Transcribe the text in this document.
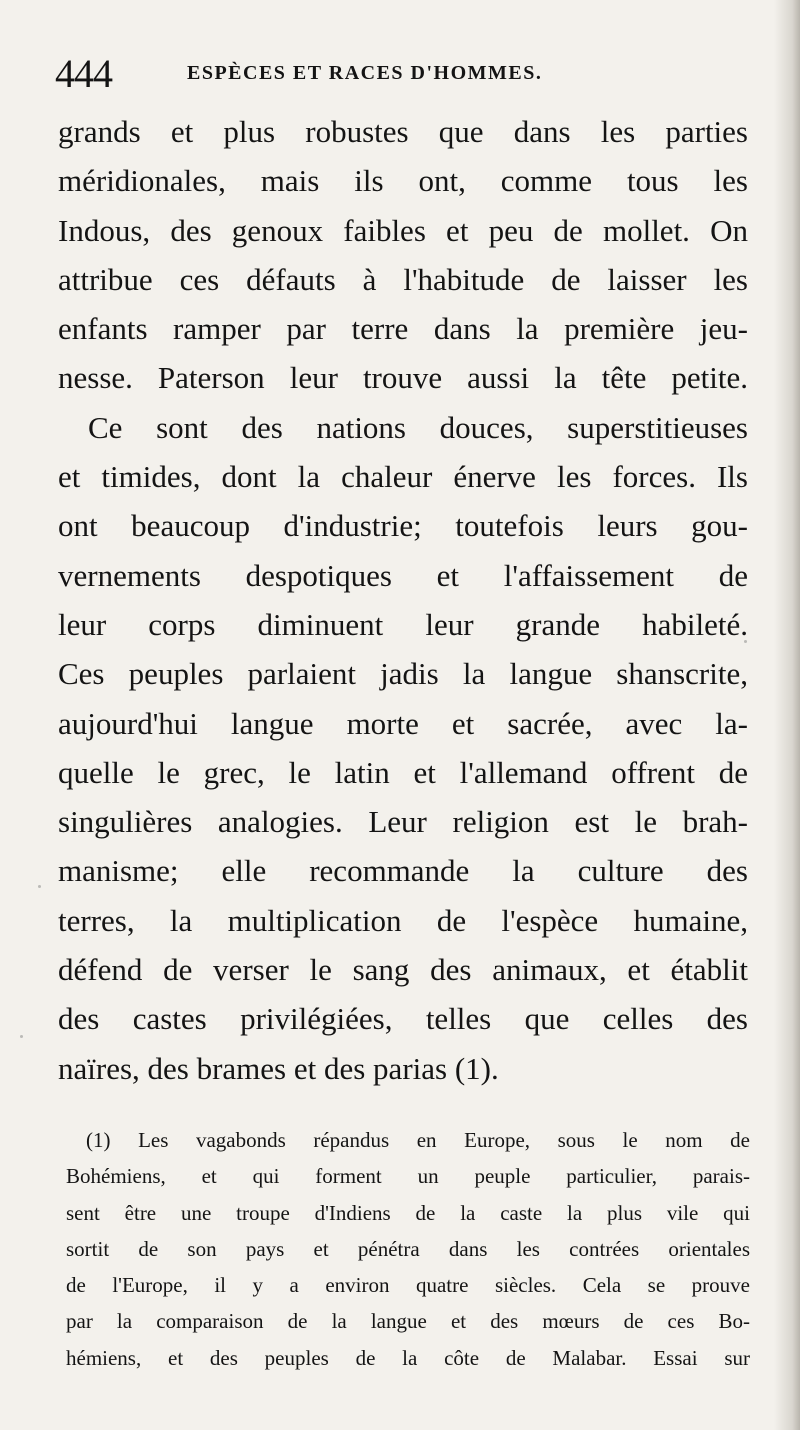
444	ESPÈCES ET RACES D'HOMMES.
grands et plus robustes que dans les parties
méridionales, mais ils ont, comme tous les
Indous, des genoux faibles et peu de mollet. On
attribue ces défauts à l'habitude de laisser les
enfants ramper par terre dans la première jeu-
nesse. Paterson leur trouve aussi la tête petite.
Ce sont des nations douces, superstitieuses
et timides, dont la chaleur énerve les forces. Ils
ont beaucoup d'industrie; toutefois leurs gou-
vernements despotiques et l'affaissement de
leur corps diminuent leur grande habileté.
Ces peuples parlaient jadis la langue shanscrite,
aujourd'hui langue morte et sacrée, avec la-
quelle le grec, le latin et l'allemand offrent de
singulières analogies. Leur religion est le brah-
manisme; elle recommande la culture des
terres, la multiplication de l'espèce humaine,
défend de verser le sang des animaux, et établit
des castes privilégiées, telles que celles des
naïres, des brames et des parias (1).
(1) Les vagabonds répandus en Europe, sous le nom de
Bohémiens, et qui forment un peuple particulier, parais-
sent être une troupe d'Indiens de la caste la plus vile qui
sortit de son pays et pénétra dans les contrées orientales
de l'Europe, il y a environ quatre siècles. Cela se prouve
par la comparaison de la langue et des mœurs de ces Bo-
hémiens, et des peuples de la côte de Malabar. Essai sur
